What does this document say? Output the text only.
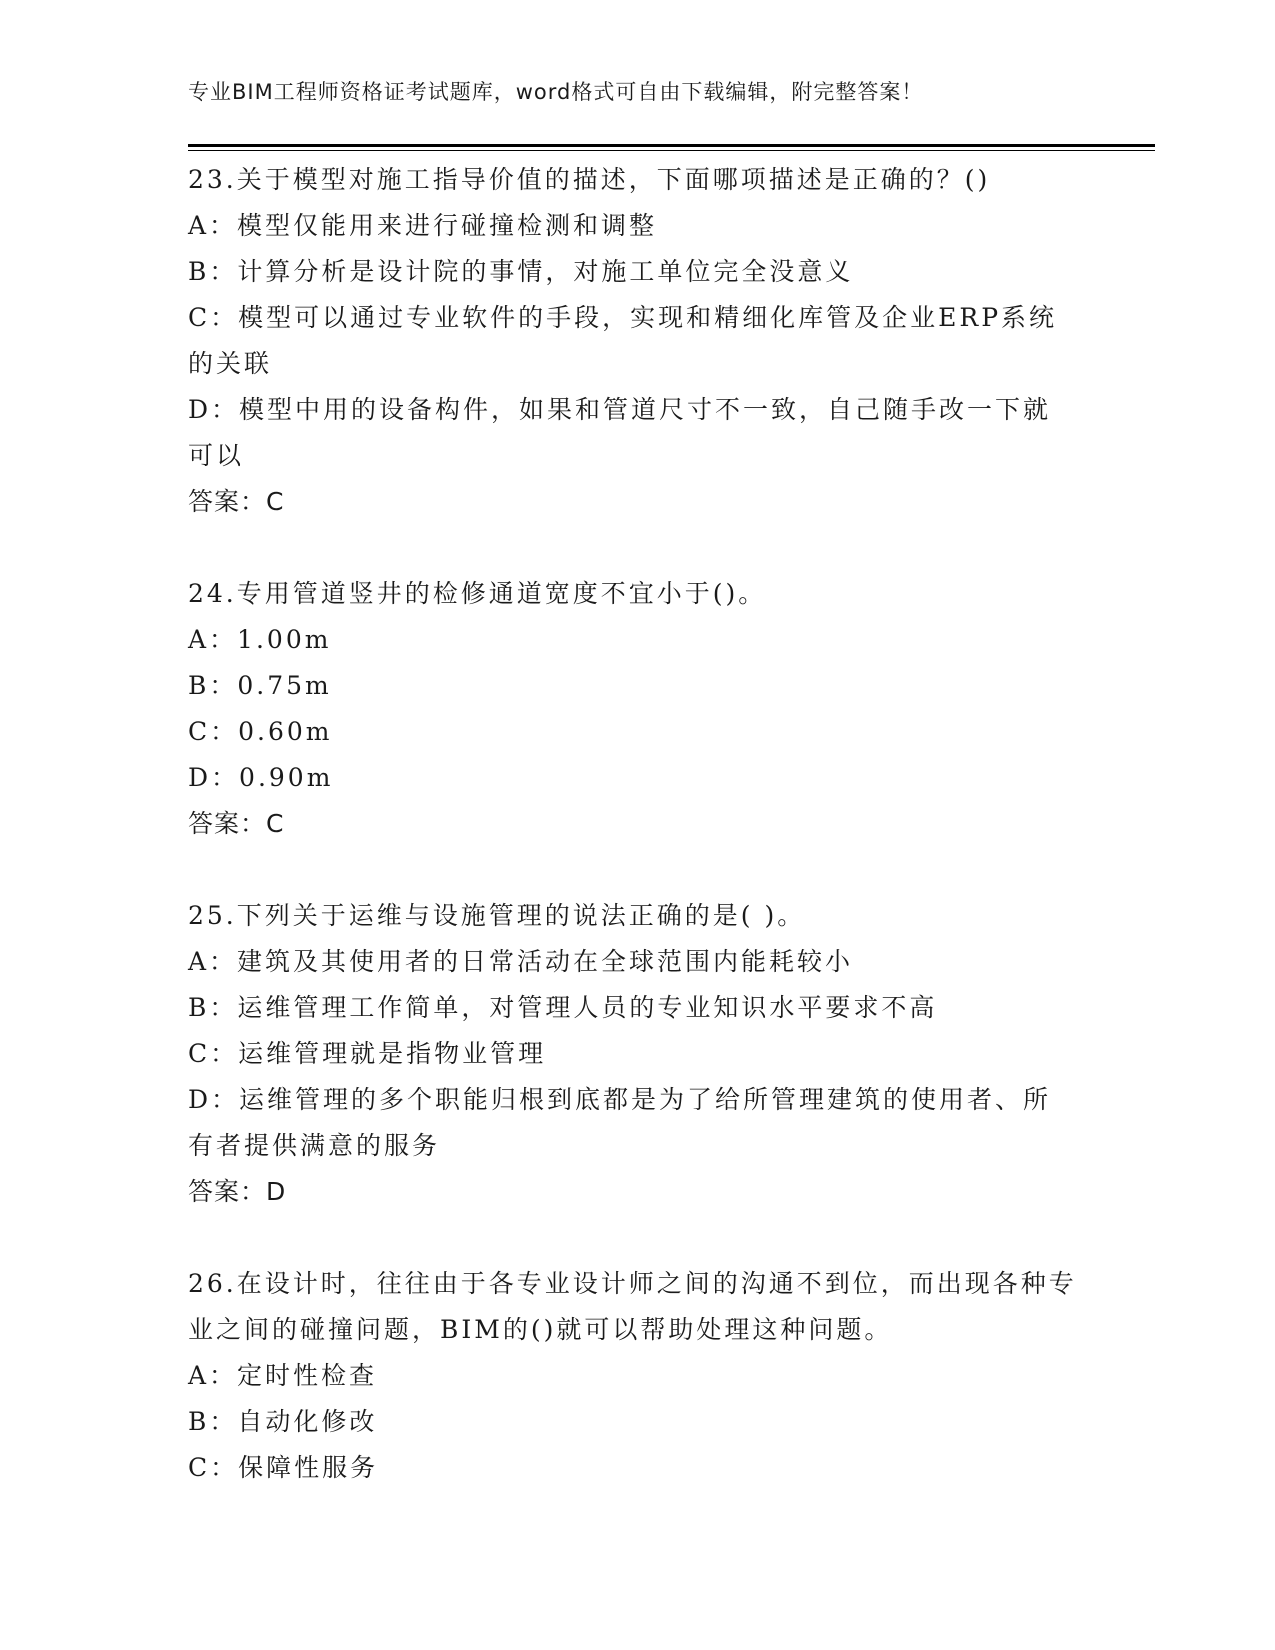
专业BIM工程师资格证考试题库，word格式可自由下载编辑，附完整答案！
23.关于模型对施工指导价值的描述，下面哪项描述是正确的？()
A：模型仅能用来进行碰撞检测和调整
B：计算分析是设计院的事情，对施工单位完全没意义
C：模型可以通过专业软件的手段，实现和精细化库管及企业ERP系统的关联
D：模型中用的设备构件，如果和管道尺寸不一致，自己随手改一下就可以
答案：C
24.专用管道竖井的检修通道宽度不宜小于()。
A：1.00m
B：0.75m
C：0.60m
D：0.90m
答案：C
25.下列关于运维与设施管理的说法正确的是( )。
A：建筑及其使用者的日常活动在全球范围内能耗较小
B：运维管理工作简单，对管理人员的专业知识水平要求不高
C：运维管理就是指物业管理
D：运维管理的多个职能归根到底都是为了给所管理建筑的使用者、所有者提供满意的服务
答案：D
26.在设计时，往往由于各专业设计师之间的沟通不到位，而出现各种专业之间的碰撞问题，BIM的()就可以帮助处理这种问题。
A：定时性检查
B：自动化修改
C：保障性服务
